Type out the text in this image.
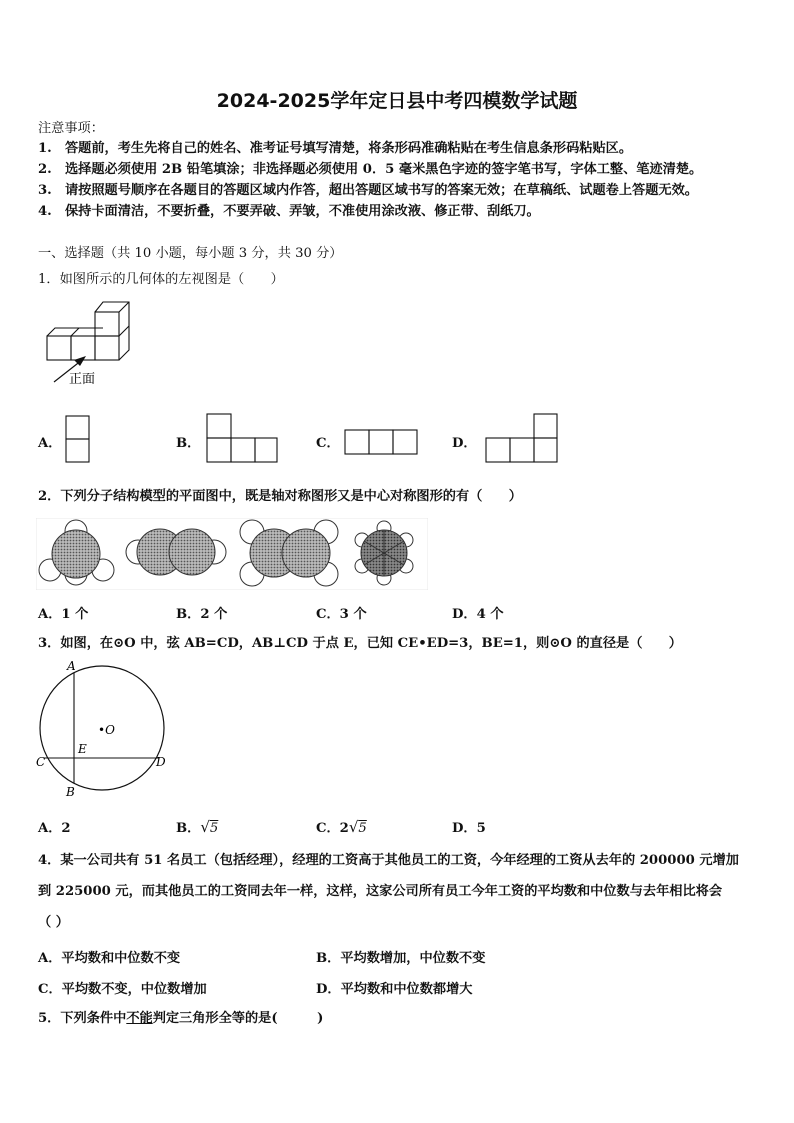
2024-2025学年定日县中考四模数学试题
注意事项：
1.　答题前，考生先将自己的姓名、准考证号填写清楚，将条形码准确粘贴在考生信息条形码粘贴区。
2.　选择题必须使用 2B 铅笔填涂；非选择题必须使用 0．5 毫米黑色字迹的签字笔书写，字体工整、笔迹清楚。
3.　请按照题号顺序在各题目的答题区域内作答，超出答题区域书写的答案无效；在草稿纸、试题卷上答题无效。
4.　保持卡面清洁，不要折叠，不要弄破、弄皱，不准使用涂改液、修正带、刮纸刀。
一、选择题（共 10 小题，每小题 3 分，共 30 分）
1．如图所示的几何体的左视图是（　　）
正面
A．	B．	C．	D．
2．下列分子结构模型的平面图中，既是轴对称图形又是中心对称图形的有（　　）
A．1 个	B．2 个	C．3 个	D．4 个
3．如图，在⊙O 中，弦 AB=CD，AB⊥CD 于点 E，已知 CE•ED=3，BE=1，则⊙O 的直径是（　　）
A
B
C	D
E
•O
A．2	B．√5	C．2√5	D．5
4．某一公司共有 51 名员工（包括经理），经理的工资高于其他员工的工资，今年经理的工资从去年的 200000 元增加
到 225000 元，而其他员工的工资同去年一样，这样，这家公司所有员工今年工资的平均数和中位数与去年相比将会
（ ）
A．平均数和中位数不变	B．平均数增加，中位数不变
C．平均数不变，中位数增加	D．平均数和中位数都增大
5．下列条件中不能判定三角形全等的是(　　　)
